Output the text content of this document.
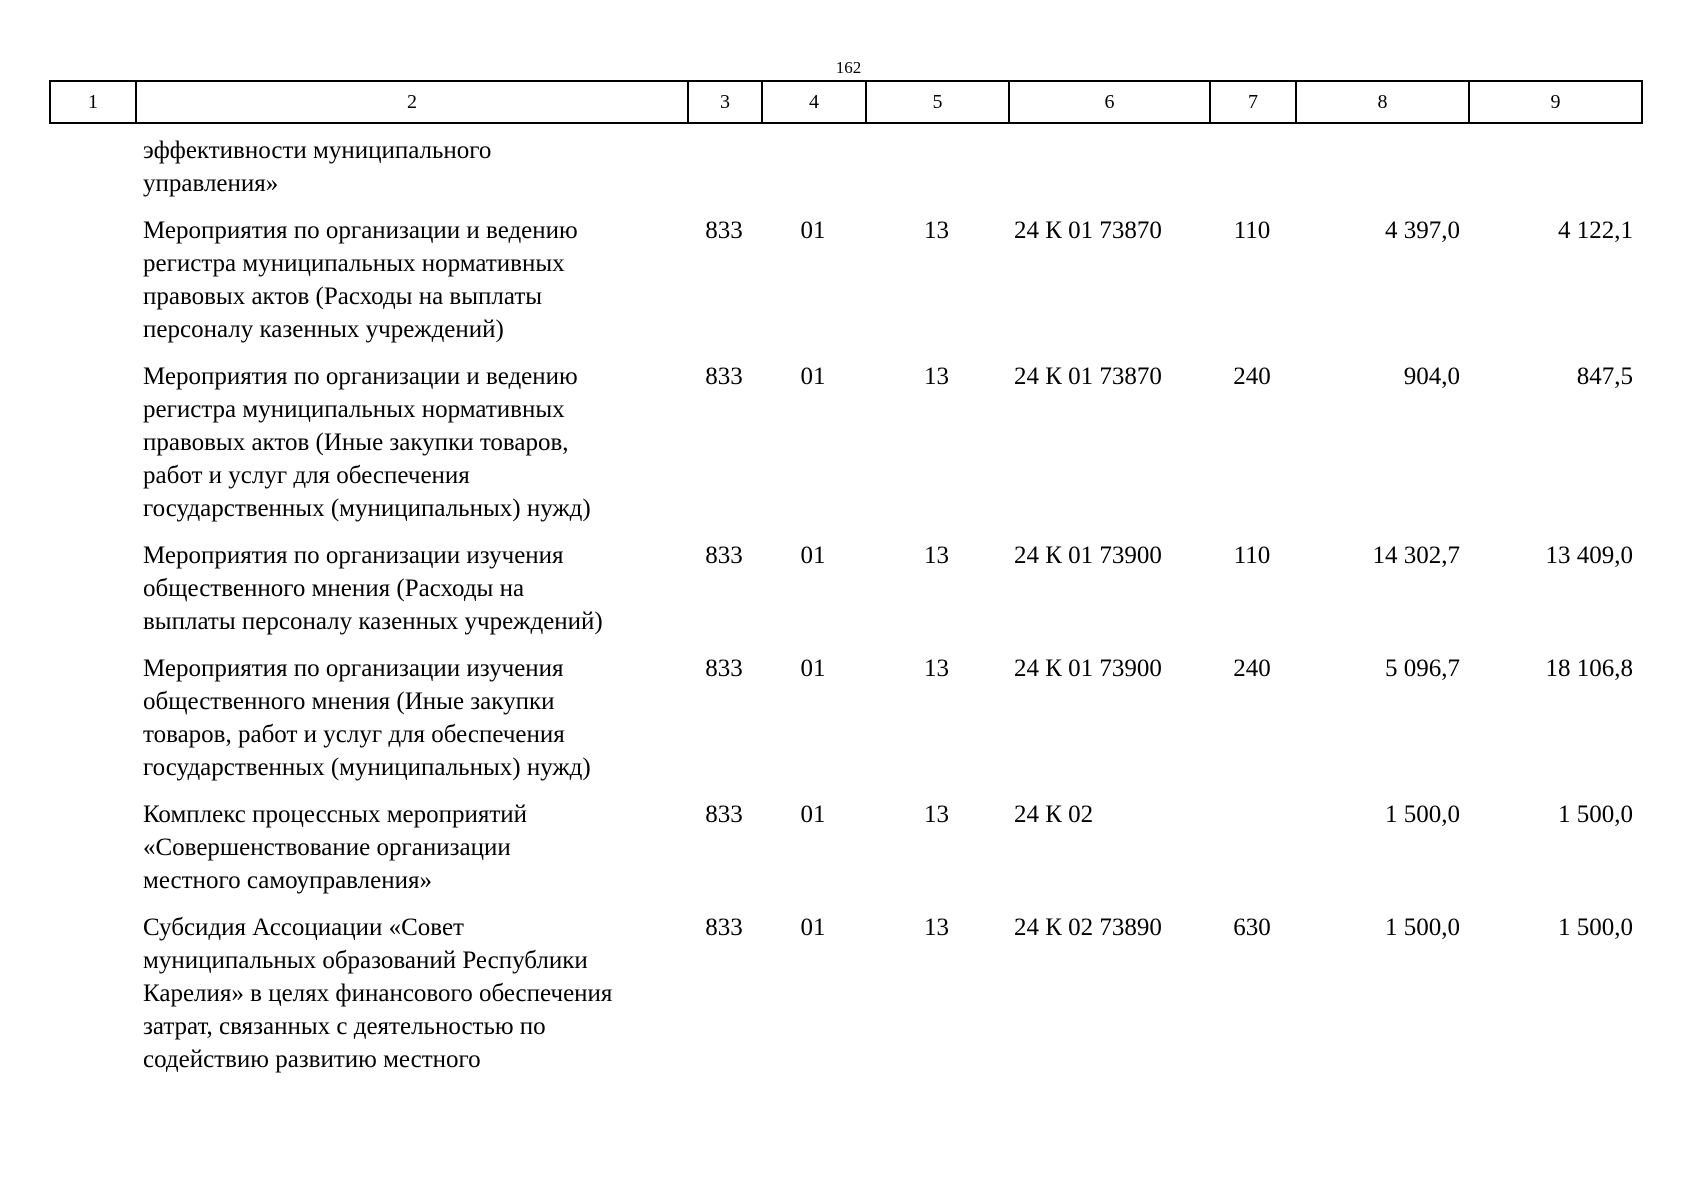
162
1	2	3	4	5	6	7	8	9
эффективности муниципального
управления»							

Мероприятия по организации и ведению
регистра муниципальных нормативных
правовых актов (Расходы на выплаты
персоналу казенных учреждений)	833	01	13	24 К 01 73870	110	4 397,0	4 122,1

Мероприятия по организации и ведению
регистра муниципальных нормативных
правовых актов (Иные закупки товаров,
работ и услуг для обеспечения
государственных (муниципальных) нужд)	833	01	13	24 К 01 73870	240	904,0	847,5

Мероприятия по организации изучения
общественного мнения (Расходы на
выплаты персоналу казенных учреждений)	833	01	13	24 К 01 73900	110	14 302,7	13 409,0

Мероприятия по организации изучения
общественного мнения (Иные закупки
товаров, работ и услуг для обеспечения
государственных (муниципальных) нужд)	833	01	13	24 К 01 73900	240	5 096,7	18 106,8

Комплекс процессных мероприятий
«Совершенствование организации
местного самоуправления»	833	01	13	24 К 02		1 500,0	1 500,0

Субсидия Ассоциации «Совет
муниципальных образований Республики
Карелия» в целях финансового обеспечения
затрат, связанных с деятельностью по
содействию развитию местного	833	01	13	24 К 02 73890	630	1 500,0	1 500,0
